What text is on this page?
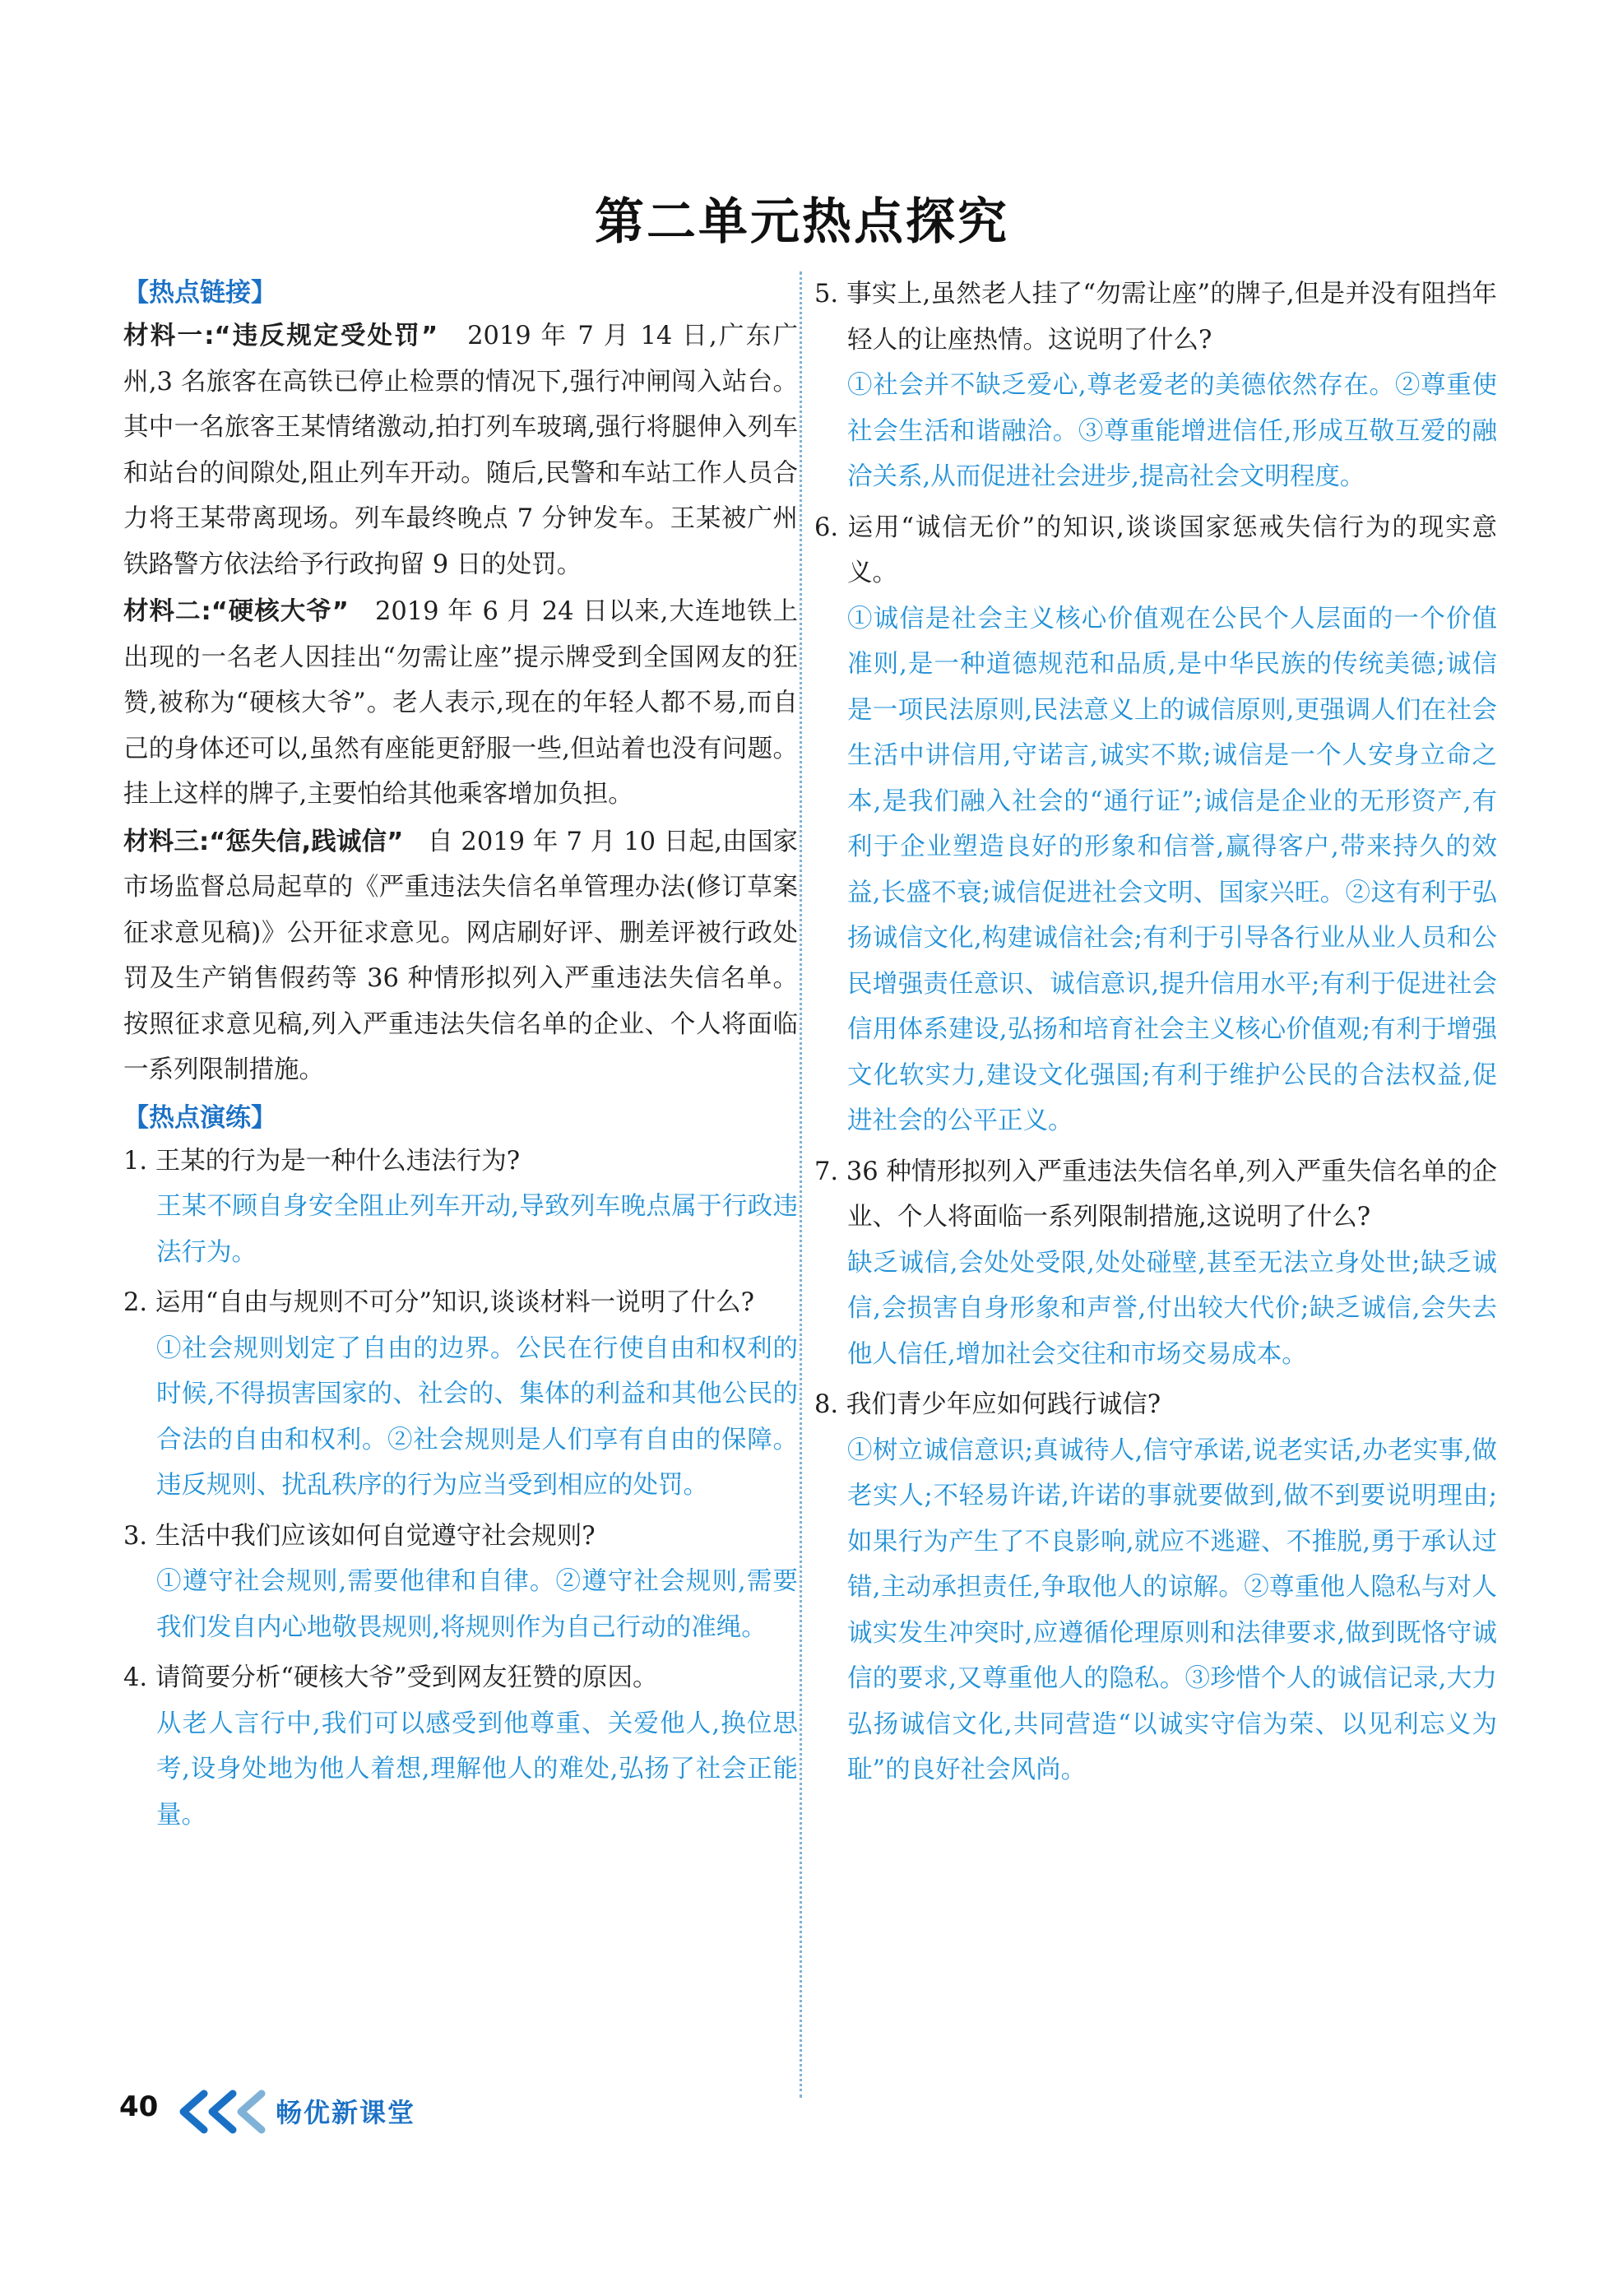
第二单元热点探究
【热点链接】

材料一:“违反规定受处罚” 2019 年 7 月 14 日,广东广州,3 名旅客在高铁已停止检票的情况下,强行冲闸闯入站台。其中一名旅客王某情绪激动,拍打列车玻璃,强行将腿伸入列车和站台的间隙处,阻止列车开动。随后,民警和车站工作人员合力将王某带离现场。列车最终晚点 7 分钟发车。王某被广州铁路警方依法给予行政拘留 9 日的处罚。

材料二:“硬核大爷” 2019 年 6 月 24 日以来,大连地铁上出现的一名老人因挂出“勿需让座”提示牌受到全国网友的狂赞,被称为“硬核大爷”。老人表示,现在的年轻人都不易,而自己的身体还可以,虽然有座能更舒服一些,但站着也没有问题。挂上这样的牌子,主要怕给其他乘客增加负担。

材料三:“惩失信,践诚信” 自 2019 年 7 月 10 日起,由国家市场监督总局起草的《严重违法失信名单管理办法(修订草案征求意见稿)》公开征求意见。网店刷好评、删差评被行政处罚及生产销售假药等 36 种情形拟列入严重违法失信名单。按照征求意见稿,列入严重违法失信名单的企业、个人将面临一系列限制措施。

【热点演练】

1. 王某的行为是一种什么违法行为?

王某不顾自身安全阻止列车开动,导致列车晚点属于行政违法行为。

2. 运用“自由与规则不可分”知识,谈谈材料一说明了什么?

①社会规则划定了自由的边界。公民在行使自由和权利的时候,不得损害国家的、社会的、集体的利益和其他公民的合法的自由和权利。②社会规则是人们享有自由的保障。违反规则、扰乱秩序的行为应当受到相应的处罚。

3. 生活中我们应该如何自觉遵守社会规则?

①遵守社会规则,需要他律和自律。②遵守社会规则,需要我们发自内心地敬畏规则,将规则作为自己行动的准绳。

4. 请简要分析“硬核大爷”受到网友狂赞的原因。

从老人言行中,我们可以感受到他尊重、关爱他人,换位思考,设身处地为他人着想,理解他人的难处,弘扬了社会正能量。

5. 事实上,虽然老人挂了“勿需让座”的牌子,但是并没有阻挡年轻人的让座热情。这说明了什么?

①社会并不缺乏爱心,尊老爱老的美德依然存在。②尊重使社会生活和谐融洽。③尊重能增进信任,形成互敬互爱的融洽关系,从而促进社会进步,提高社会文明程度。

6. 运用“诚信无价”的知识,谈谈国家惩戒失信行为的现实意义。

①诚信是社会主义核心价值观在公民个人层面的一个价值准则,是一种道德规范和品质,是中华民族的传统美德;诚信是一项民法原则,民法意义上的诚信原则,更强调人们在社会生活中讲信用,守诺言,诚实不欺;诚信是一个人安身立命之本,是我们融入社会的“通行证”;诚信是企业的无形资产,有利于企业塑造良好的形象和信誉,赢得客户,带来持久的效益,长盛不衰;诚信促进社会文明、国家兴旺。②这有利于弘扬诚信文化,构建诚信社会;有利于引导各行业从业人员和公民增强责任意识、诚信意识,提升信用水平;有利于促进社会信用体系建设,弘扬和培育社会主义核心价值观;有利于增强文化软实力,建设文化强国;有利于维护公民的合法权益,促进社会的公平正义。

7. 36 种情形拟列入严重违法失信名单,列入严重失信名单的企业、个人将面临一系列限制措施,这说明了什么?

缺乏诚信,会处处受限,处处碰壁,甚至无法立身处世;缺乏诚信,会损害自身形象和声誉,付出较大代价;缺乏诚信,会失去他人信任,增加社会交往和市场交易成本。

8. 我们青少年应如何践行诚信?

①树立诚信意识;真诚待人,信守承诺,说老实话,办老实事,做老实人;不轻易许诺,许诺的事就要做到,做不到要说明理由;如果行为产生了不良影响,就应不逃避、不推脱,勇于承认过错,主动承担责任,争取他人的谅解。②尊重他人隐私与对人诚实发生冲突时,应遵循伦理原则和法律要求,做到既恪守诚信的要求,又尊重他人的隐私。③珍惜个人的诚信记录,大力弘扬诚信文化,共同营造“以诚实守信为荣、以见利忘义为耻”的良好社会风尚。

40	畅优新课堂
